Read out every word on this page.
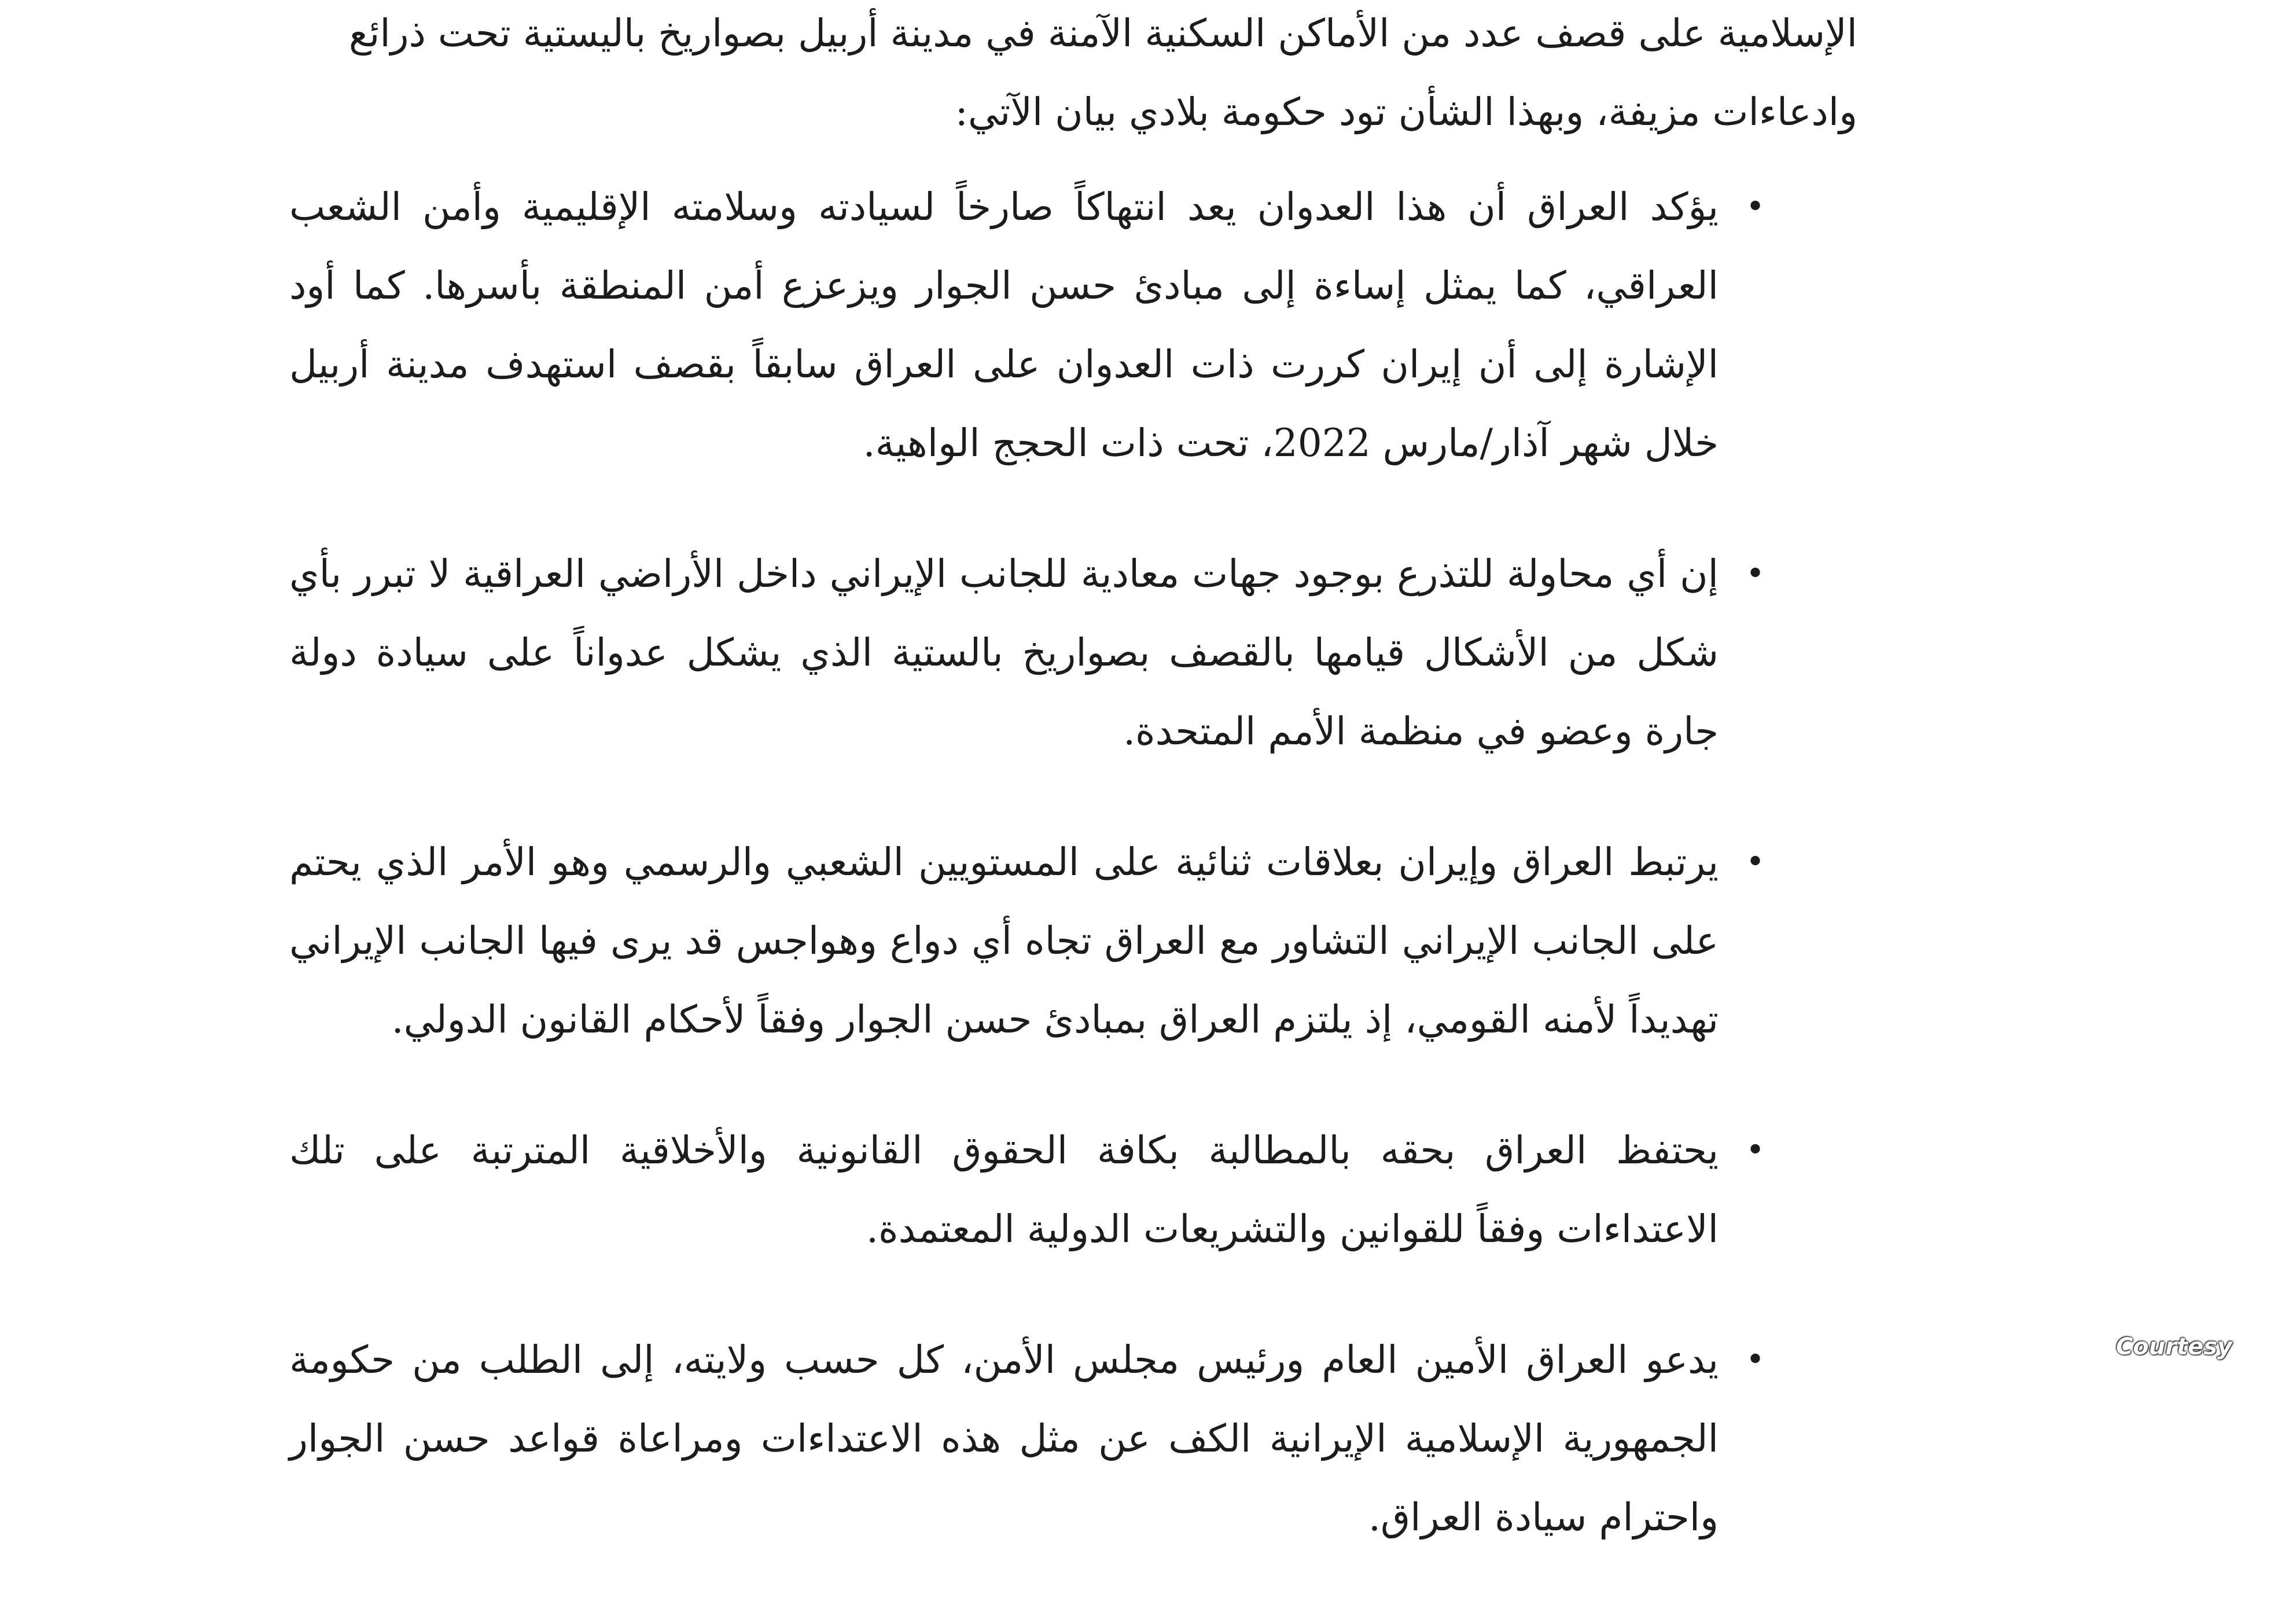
الإسلامية على قصف عدد من الأماكن السكنية الآمنة في مدينة أربيل بصواريخ باليستية تحت ذرائع

وادعاءات مزيفة، وبهذا الشأن تود حكومة بلادي بيان الآتي:

•
يؤكد العراق أن هذا العدوان يعد انتهاكاً صارخاً لسيادته وسلامته الإقليمية وأمن الشعب العراقي، كما يمثل إساءة إلى مبادئ حسن الجوار ويزعزع أمن المنطقة بأسرها. كما أود الإشارة إلى أن إيران كررت ذات العدوان على العراق سابقاً بقصف استهدف مدينة أربيل خلال شهر آذار/مارس 2022، تحت ذات الحجج الواهية.
•
إن أي محاولة للتذرع بوجود جهات معادية للجانب الإيراني داخل الأراضي العراقية لا تبرر بأي شكل من الأشكال قيامها بالقصف بصواريخ بالستية الذي يشكل عدواناً على سيادة دولة جارة وعضو في منظمة الأمم المتحدة.
•
يرتبط العراق وإيران بعلاقات ثنائية على المستويين الشعبي والرسمي وهو الأمر الذي يحتم على الجانب الإيراني التشاور مع العراق تجاه أي دواع وهواجس قد يرى فيها الجانب الإيراني تهديداً لأمنه القومي، إذ يلتزم العراق بمبادئ حسن الجوار وفقاً لأحكام القانون الدولي.
•
يحتفظ العراق بحقه بالمطالبة بكافة الحقوق القانونية والأخلاقية المترتبة على تلك الاعتداءات وفقاً للقوانين والتشريعات الدولية المعتمدة.
•
يدعو العراق الأمين العام ورئيس مجلس الأمن، كل حسب ولايته، إلى الطلب من حكومة الجمهورية الإسلامية الإيرانية الكف عن مثل هذه الاعتداءات ومراعاة قواعد حسن الجوار واحترام سيادة العراق.
Courtesy
